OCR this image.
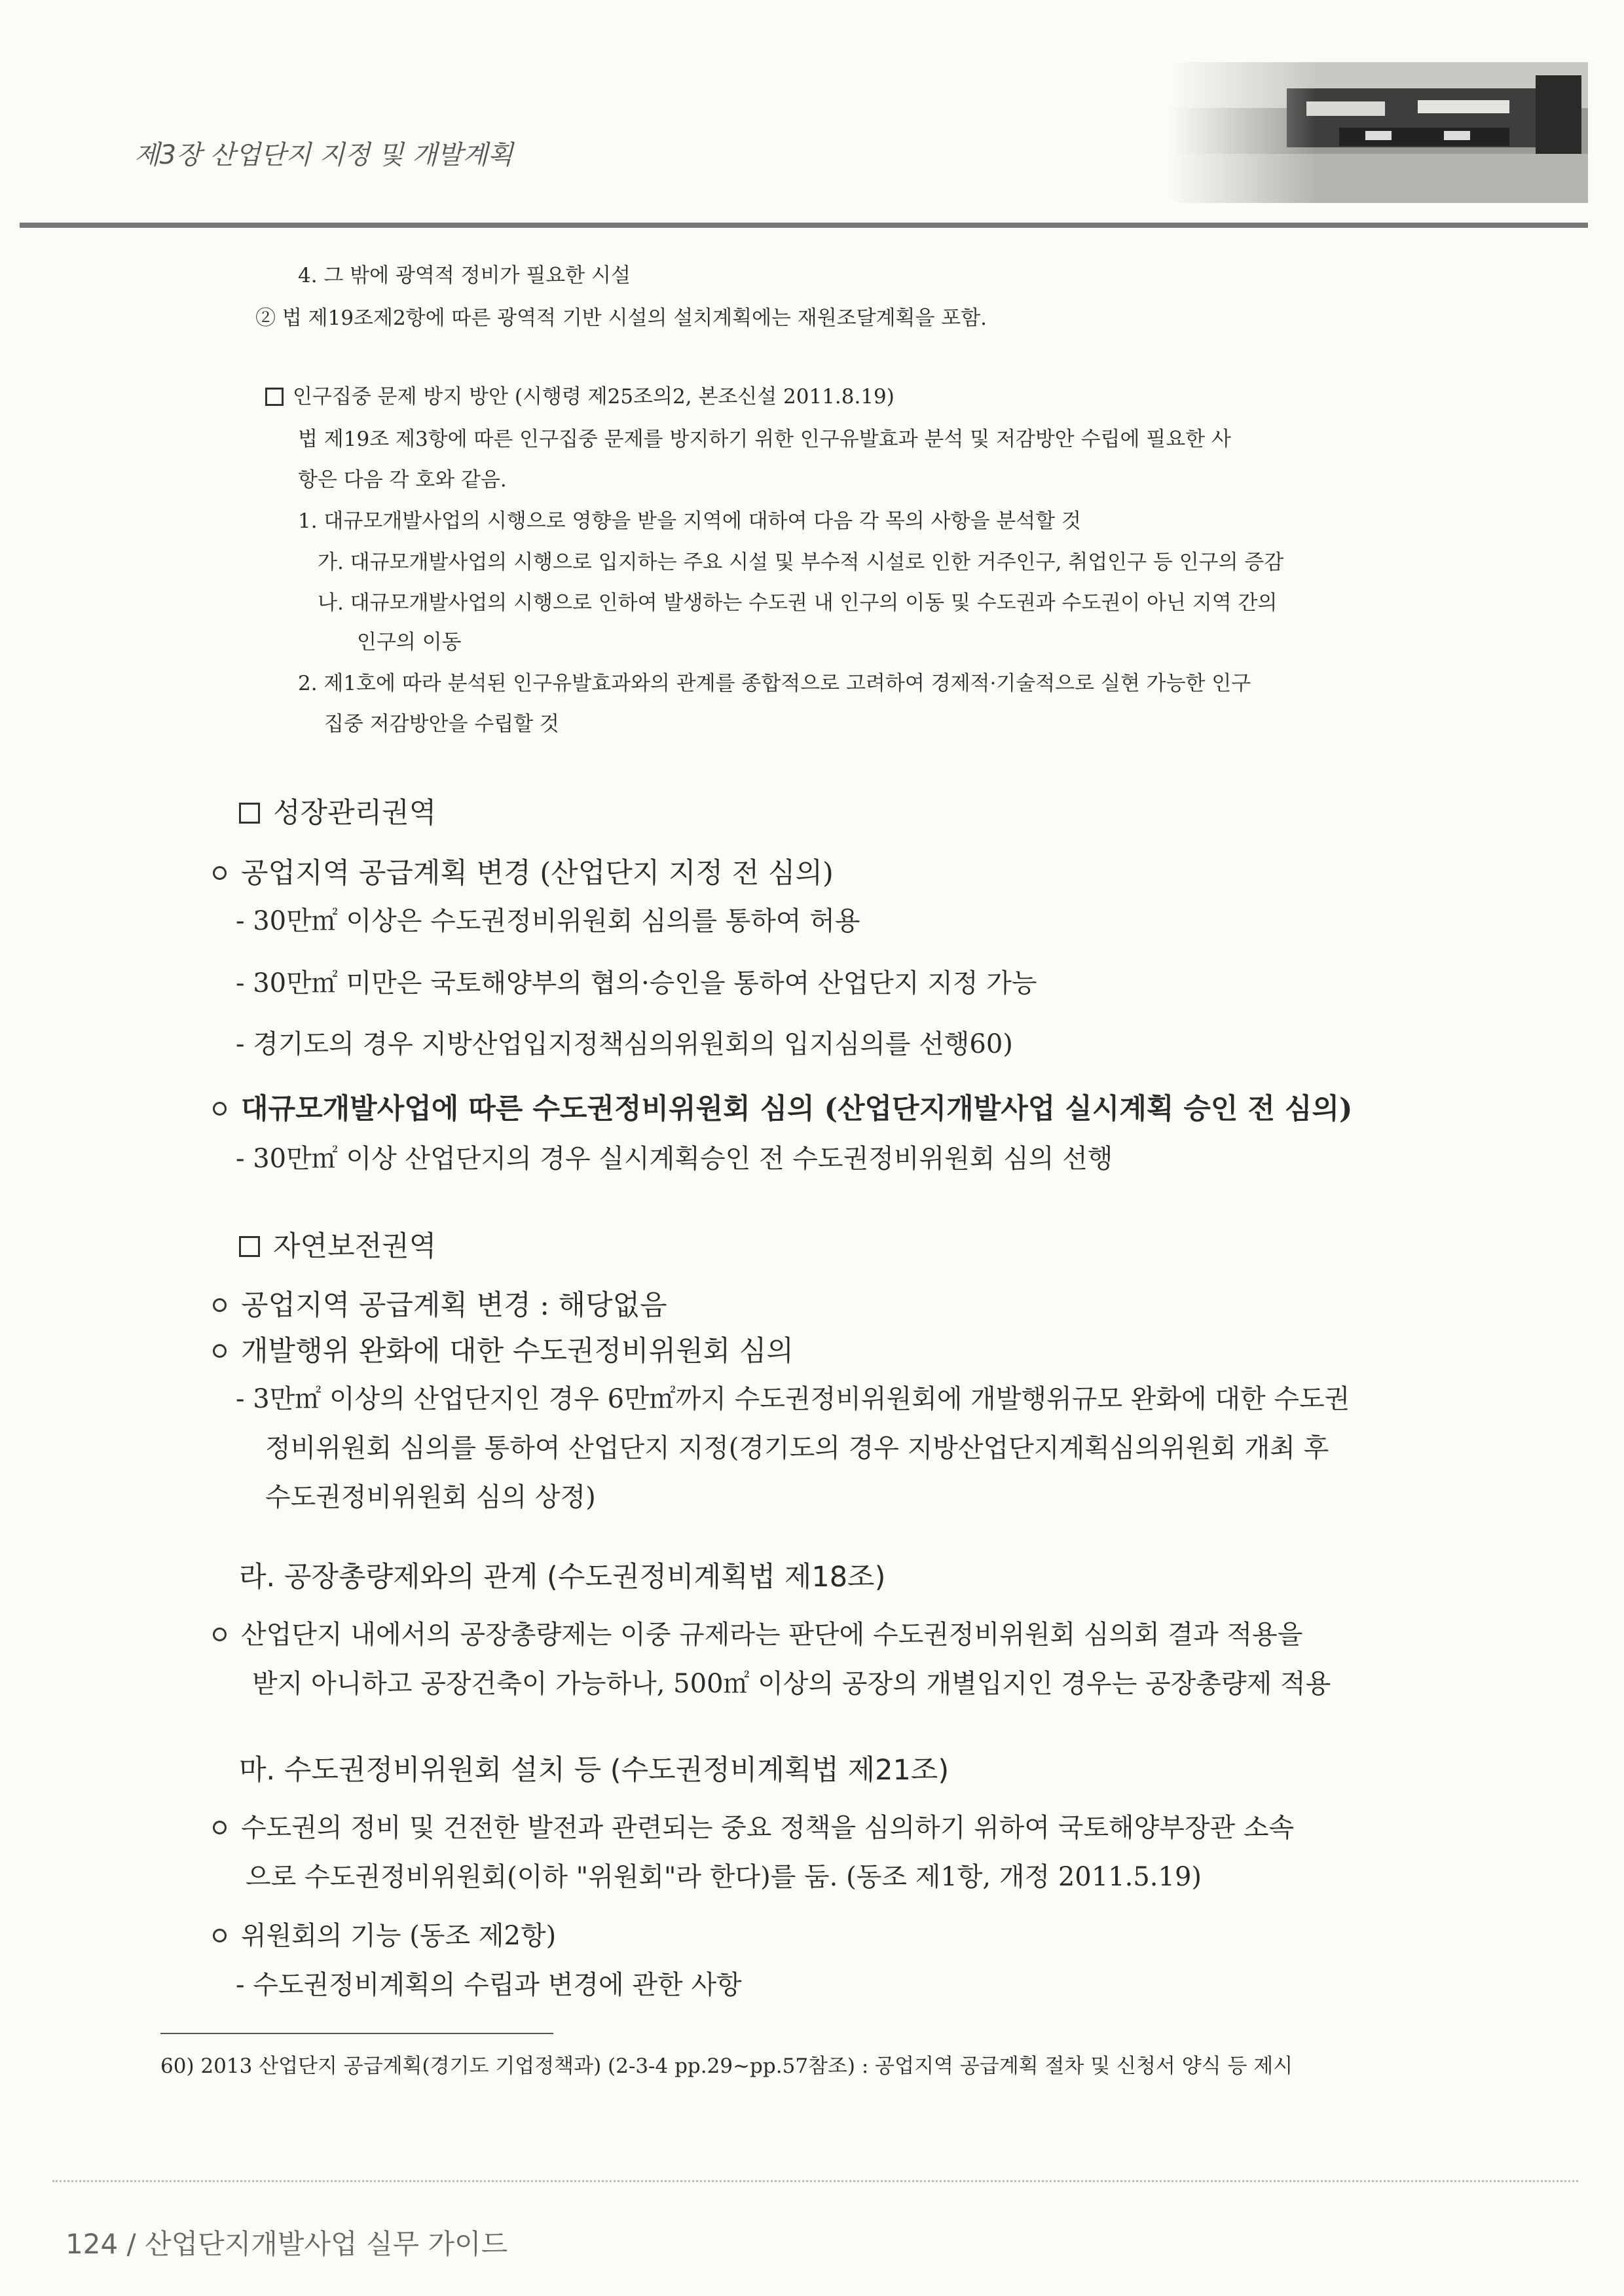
제3장 산업단지 지정 및 개발계획
4. 그 밖에 광역적 정비가 필요한 시설
② 법 제19조제2항에 따른 광역적 기반 시설의 설치계획에는 재원조달계획을 포함.
인구집중 문제 방지 방안 (시행령 제25조의2, 본조신설 2011.8.19)
법 제19조 제3항에 따른 인구집중 문제를 방지하기 위한 인구유발효과 분석 및 저감방안 수립에 필요한 사
항은 다음 각 호와 같음.
1. 대규모개발사업의 시행으로 영향을 받을 지역에 대하여 다음 각 목의 사항을 분석할 것
가. 대규모개발사업의 시행으로 입지하는 주요 시설 및 부수적 시설로 인한 거주인구, 취업인구 등 인구의 증감
나. 대규모개발사업의 시행으로 인하여 발생하는 수도권 내 인구의 이동 및 수도권과 수도권이 아닌 지역 간의
인구의 이동
2. 제1호에 따라 분석된 인구유발효과와의 관계를 종합적으로 고려하여 경제적·기술적으로 실현 가능한 인구
집중 저감방안을 수립할 것
성장관리권역
공업지역 공급계획 변경 (산업단지 지정 전 심의)
- 30만㎡ 이상은 수도권정비위원회 심의를 통하여 허용
- 30만㎡ 미만은 국토해양부의 협의·승인을 통하여 산업단지 지정 가능
- 경기도의 경우 지방산업입지정책심의위원회의 입지심의를 선행60)
대규모개발사업에 따른 수도권정비위원회 심의 (산업단지개발사업 실시계획 승인 전 심의)
- 30만㎡ 이상 산업단지의 경우 실시계획승인 전 수도권정비위원회 심의 선행
자연보전권역
공업지역 공급계획 변경 : 해당없음
개발행위 완화에 대한 수도권정비위원회 심의
- 3만㎡ 이상의 산업단지인 경우 6만㎡까지 수도권정비위원회에 개발행위규모 완화에 대한 수도권
정비위원회 심의를 통하여 산업단지 지정(경기도의 경우 지방산업단지계획심의위원회 개최 후
수도권정비위원회 심의 상정)
라. 공장총량제와의 관계 (수도권정비계획법 제18조)
산업단지 내에서의 공장총량제는 이중 규제라는 판단에 수도권정비위원회 심의회 결과 적용을
받지 아니하고 공장건축이 가능하나, 500㎡ 이상의 공장의 개별입지인 경우는 공장총량제 적용
마. 수도권정비위원회 설치 등 (수도권정비계획법 제21조)
수도권의 정비 및 건전한 발전과 관련되는 중요 정책을 심의하기 위하여 국토해양부장관 소속
으로 수도권정비위원회(이하 "위원회"라 한다)를 둠. (동조 제1항, 개정 2011.5.19)
위원회의 기능 (동조 제2항)
- 수도권정비계획의 수립과 변경에 관한 사항
60) 2013 산업단지 공급계획(경기도 기업정책과) (2-3-4 pp.29~pp.57참조) : 공업지역 공급계획 절차 및 신청서 양식 등 제시
124 / 산업단지개발사업 실무 가이드
